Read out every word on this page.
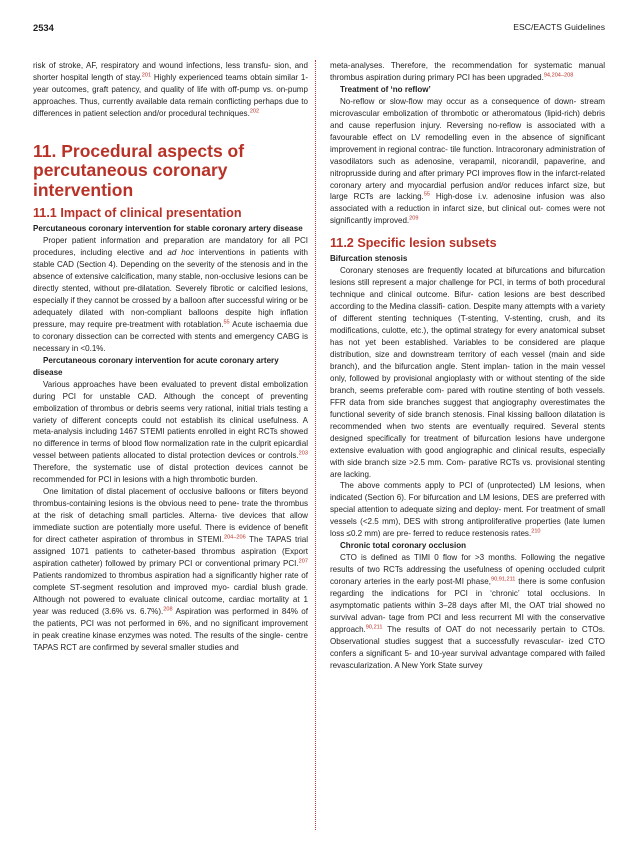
2534	ESC/EACTS Guidelines

risk of stroke, AF, respiratory and wound infections, less transfu- sion, and shorter hospital length of stay.$^{201}$ Highly experienced teams obtain similar 1-year outcomes, graft patency, and quality of life with off-pump vs. on-pump approaches. Thus, currently available data remain conflicting perhaps due to differences in patient selection and/or procedural techniques.$^{202}$

11. Procedural aspects of percutaneous coronary intervention
11.1 Impact of clinical presentation

Percutaneous coronary intervention for stable coronary artery disease

Proper patient information and preparation are mandatory for all PCI procedures, including elective and ad hoc interventions in patients with stable CAD (Section 4). Depending on the severity of the stenosis and in the absence of extensive calcification, many stable, non-occlusive lesions can be directly stented, without pre-dilatation. Severely fibrotic or calcified lesions, especially if they cannot be crossed by a balloon after successful wiring or be adequately dilated with non-compliant balloons despite high inflation pressure, may require pre-treatment with rotablation.$^{55}$ Acute ischaemia due to coronary dissection can be corrected with stents and emergency CABG is necessary in <0.1%.

Percutaneous coronary intervention for acute coronary artery disease

Various approaches have been evaluated to prevent distal embolization during PCI for unstable CAD. Although the concept of preventing embolization of thrombus or debris seems very rational, initial trials testing a variety of different concepts could not establish its clinical usefulness. A meta-analysis including 1467 STEMI patients enrolled in eight RCTs showed no difference in terms of blood flow normalization rate in the culprit epicardial vessel between patients allocated to distal protection devices or controls.$^{203}$ Therefore, the systematic use of distal protection devices cannot be recommended for PCI in lesions with a high thrombotic burden.

One limitation of distal placement of occlusive balloons or filters beyond thrombus-containing lesions is the obvious need to pene- trate the thrombus at the risk of detaching small particles. Alterna- tive devices that allow immediate suction are potentially more useful. There is evidence of benefit for direct catheter aspiration of thrombus in STEMI.$^{204-206}$ The TAPAS trial assigned 1071 patients to catheter-based thrombus aspiration (Export aspiration catheter) followed by primary PCI or conventional primary PCI.$^{207}$ Patients randomized to thrombus aspiration had a significantly higher rate of complete ST-segment resolution and improved myo- cardial blush grade. Although not powered to evaluate clinical outcome, cardiac mortality at 1 year was reduced (3.6% vs. 6.7%).$^{208}$ Aspiration was performed in 84% of the patients, PCI was not performed in 6%, and no significant improvement in peak creatine kinase enzymes was noted. The results of the single- centre TAPAS RCT are confirmed by several smaller studies and

meta-analyses. Therefore, the recommendation for systematic manual thrombus aspiration during primary PCI has been upgraded.$^{94,204-208}$

Treatment of ‘no reflow’

No-reflow or slow-flow may occur as a consequence of down- stream microvascular embolization of thrombotic or atheromatous (lipid-rich) debris and cause reperfusion injury. Reversing no-reflow is associated with a favourable effect on LV remodelling even in the absence of significant improvement in regional contrac- tile function. Intracoronary administration of vasodilators such as adenosine, verapamil, nicorandil, papaverine, and nitroprusside during and after primary PCI improves flow in the infarct-related coronary artery and myocardial perfusion and/or reduces infarct size, but large RCTs are lacking.$^{55}$ High-dose i.v. adenosine infusion was also associated with a reduction in infarct size, but clinical out- comes were not significantly improved.$^{209}$

11.2 Specific lesion subsets

Bifurcation stenosis

Coronary stenoses are frequently located at bifurcations and bifurcation lesions still represent a major challenge for PCI, in terms of both procedural technique and clinical outcome. Bifur- cation lesions are best described according to the Medina classifi- cation. Despite many attempts with a variety of different stenting techniques (T-stenting, V-stenting, crush, and its modifications, culotte, etc.), the optimal strategy for every anatomical subset has not yet been established. Variables to be considered are plaque distribution, size and downstream territory of each vessel (main and side branch), and the bifurcation angle. Stent implan- tation in the main vessel only, followed by provisional angioplasty with or without stenting of the side branch, seems preferable com- pared with routine stenting of both vessels. FFR data from side branches suggest that angiography overestimates the functional severity of side branch stenosis. Final kissing balloon dilatation is recommended when two stents are eventually required. Several stents designed specifically for treatment of bifurcation lesions have undergone extensive evaluation with good angiographic and clinical results, especially with side branch size >2.5 mm. Com- parative RCTs vs. provisional stenting are lacking.

The above comments apply to PCI of (unprotected) LM lesions, when indicated (Section 6). For bifurcation and LM lesions, DES are preferred with special attention to adequate sizing and deploy- ment. For treatment of small vessels (<2.5 mm), DES with strong antiproliferative properties (late lumen loss ≤0.2 mm) are pre- ferred to reduce restenosis rates.$^{210}$

Chronic total coronary occlusion

CTO is defined as TIMI 0 flow for >3 months. Following the negative results of two RCTs addressing the usefulness of opening occluded culprit coronary arteries in the early post-MI phase,$^{90,91,211}$ there is some confusion regarding the indications for PCI in ‘chronic’ total occlusions. In asymptomatic patients within 3–28 days after MI, the OAT trial showed no survival advan- tage from PCI and less recurrent MI with the conservative approach.$^{90,211}$ The results of OAT do not necessarily pertain to CTOs. Observational studies suggest that a successfully revascular- ized CTO confers a significant 5- and 10-year survival advantage compared with failed revascularization. A New York State survey
